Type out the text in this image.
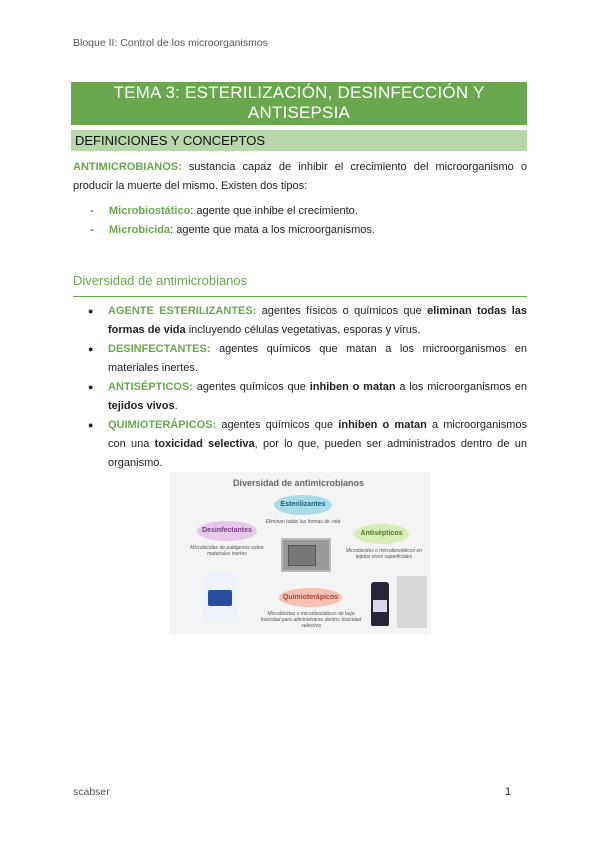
Bloque II: Control de los microorganismos
TEMA 3: ESTERILIZACIÓN, DESINFECCIÓN Y
ANTISEPSIA
DEFINICIONES Y CONCEPTOS
ANTIMICROBIANOS: sustancia capaz de inhibir el crecimiento del microorganismo o producir la muerte del mismo. Existen dos tipos:
- Microbiostático: agente que inhibe el crecimiento.
- Microbicida: agente que mata a los microorganismos.
Diversidad de antimicrobianos
● AGENTE ESTERILIZANTES: agentes físicos o químicos que eliminan todas las formas de vida incluyendo células vegetativas, esporas y virus.
● DESINFECTANTES: agentes químicos que matan a los microorganismos en materiales inertes.
● ANTISÉPTICOS: agentes químicos que inhiben o matan a los microorganismos en tejidos vivos.
● QUIMIOTERÁPICOS: agentes químicos que inhiben o matan a microorganismos con una toxicidad selectiva, por lo que, pueden ser administrados dentro de un organismo.
Diversidad de antimicrobianos
Esterilizantes
Eliminan todas las formas de vida
Desinfectantes
Microbicidas de patógenos sobre materiales inertes
Antisépticos
Microbicidas o microbiostáticos en tejidos vivos superficiales
Quimioterápicos
Microbicidas o microbiostáticos de baja toxicidad para administrarse dentro: toxicidad selectiva
scabser	1
